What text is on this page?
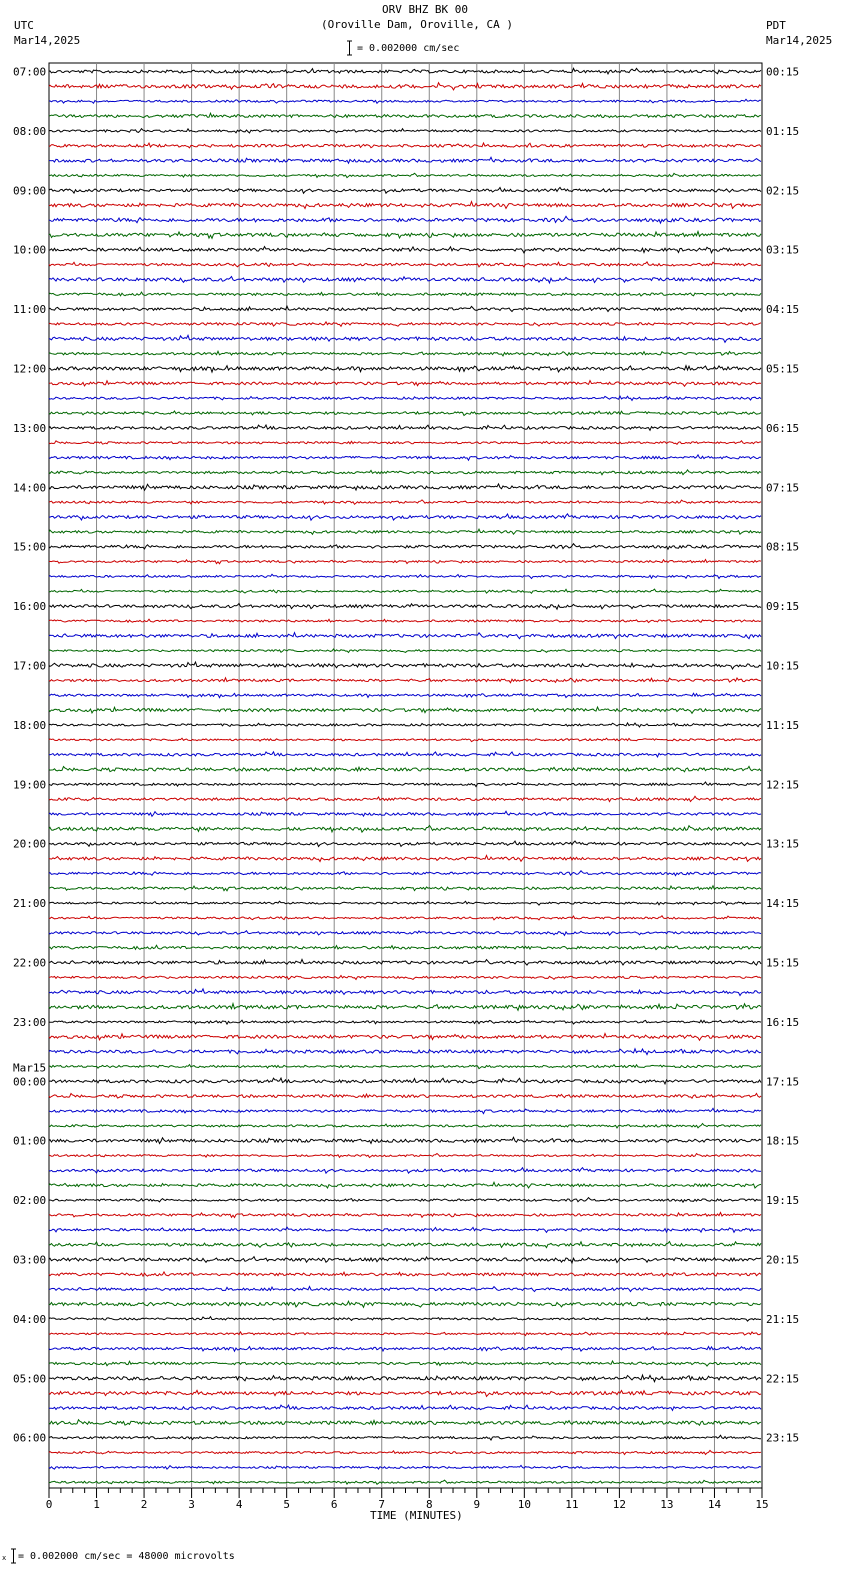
ORV BHZ BK 00
(Oroville Dam, Oroville, CA )
= 0.002000 cm/sec
UTC
Mar14,2025
PDT
Mar14,2025
07:00
08:00
09:00
10:00
11:00
12:00
13:00
14:00
15:00
16:00
17:00
18:00
19:00
20:00
21:00
22:00
23:00
00:00
Mar15
01:00
02:00
03:00
04:00
05:00
06:00
00:15
01:15
02:15
03:15
04:15
05:15
06:15
07:15
08:15
09:15
10:15
11:15
12:15
13:15
14:15
15:15
16:15
17:15
18:15
19:15
20:15
21:15
22:15
23:15
0	1	2	3	4	5	6	7	8	9	10	11	12	13	14	15
TIME (MINUTES)
x = 0.002000 cm/sec = 48000 microvolts
